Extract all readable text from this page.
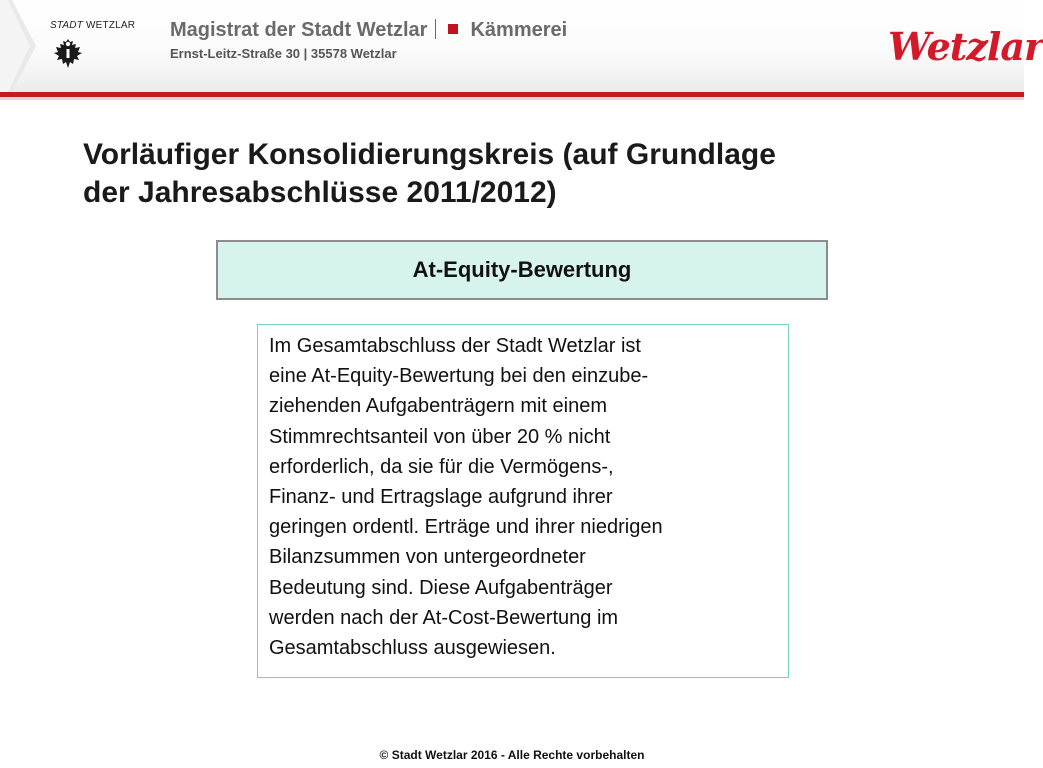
STADT WETZLAR Magistrat der Stadt Wetzlar Kämmerei
Ernst-Leitz-Straße 30 | 35578 Wetzlar	Wetzlar
Vorläufiger Konsolidierungskreis (auf Grundlage
der Jahresabschlüsse 2011/2012)
At-Equity-Bewertung

Im Gesamtabschluss der Stadt Wetzlar ist
eine At-Equity-Bewertung bei den einzube-
ziehenden Aufgabenträgern mit einem
Stimmrechtsanteil von über 20 % nicht
erforderlich, da sie für die Vermögens-,
Finanz- und Ertragslage aufgrund ihrer
geringen ordentl. Erträge und ihrer niedrigen
Bilanzsummen von untergeordneter
Bedeutung sind. Diese Aufgabenträger
werden nach der At-Cost-Bewertung im
Gesamtabschluss ausgewiesen.

© Stadt Wetzlar 2016 - Alle Rechte vorbehalten
